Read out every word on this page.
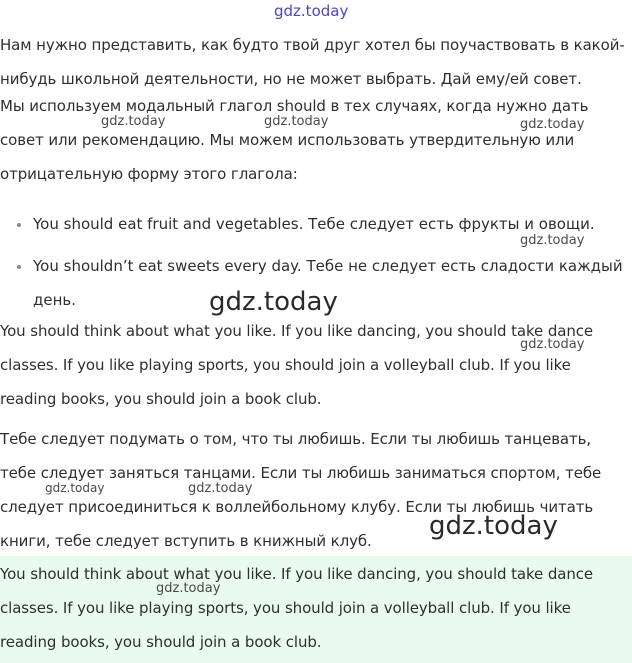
gdz.today

Нам нужно представить, как будто твой друг хотел бы поучаствовать в какой-нибудь школьной деятельности, но не может выбрать. Дай ему/ей совет.

Мы используем модальный глагол should в тех случаях, когда нужно дать совет или рекомендацию. Мы можем использовать утвердительную или отрицательную форму этого глагола:

You should eat fruit and vegetables. Тебе следует есть фрукты и овощи.
You shouldn’t eat sweets every day. Тебе не следует есть сладости каждый день.

You should think about what you like. If you like dancing, you should take dance classes. If you like playing sports, you should join a volleyball club. If you like reading books, you should join a book club.

Тебе следует подумать о том, что ты любишь. Если ты любишь танцевать, тебе следует заняться танцами. Если ты любишь заниматься спортом, тебе следует присоединиться к воллейбольному клубу. Если ты любишь читать книги, тебе следует вступить в книжный клуб.

You should think about what you like. If you like dancing, you should take dance classes. If you like playing sports, you should join a volleyball club. If you like reading books, you should join a book club.

gdz.today	gdz.today	gdz.today
gdz.today
gdz.today
gdz.today
gdz.today	gdz.today
gdz.today
gdz.today
